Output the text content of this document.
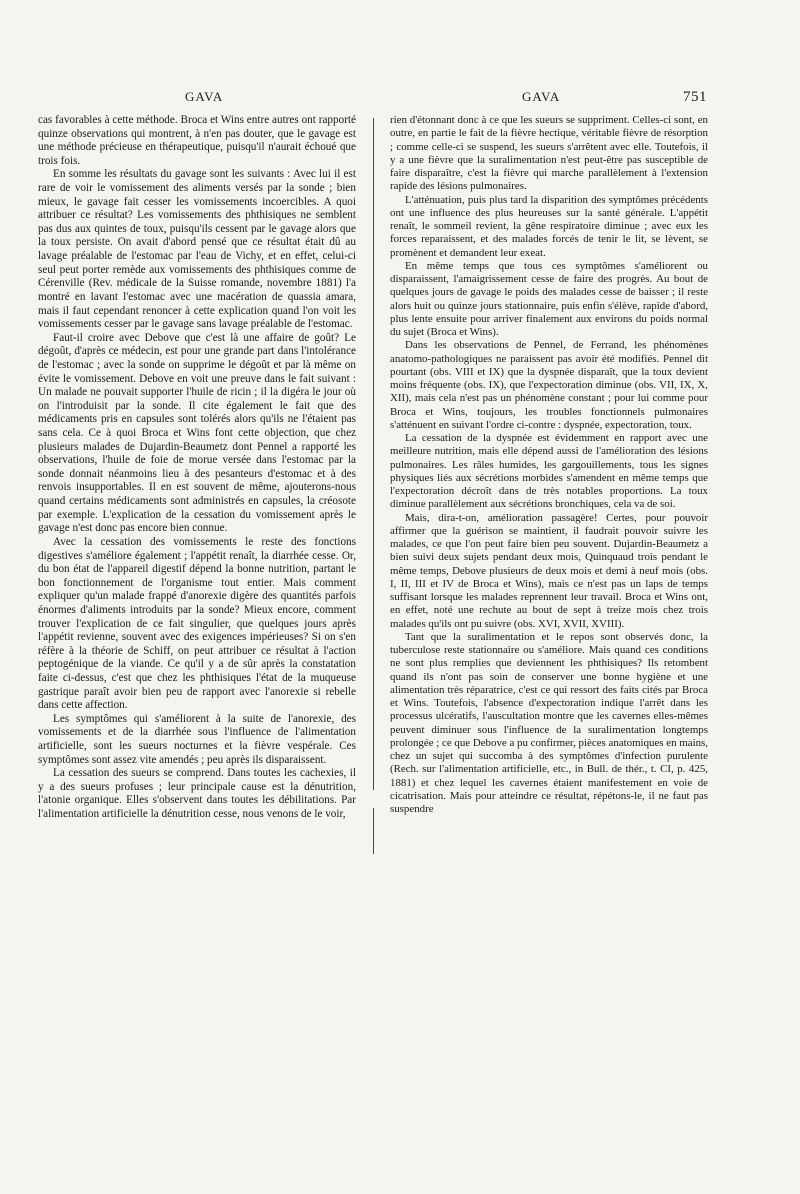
GAVA	GAVA	751

cas favorables à cette méthode. Broca et Wins entre autres ont rapporté quinze observations qui montrent, à n'en pas douter, que le gavage est une méthode précieuse en thérapeutique, puisqu'il n'aurait échoué que trois fois.

En somme les résultats du gavage sont les suivants : Avec lui il est rare de voir le vomissement des aliments versés par la sonde ; bien mieux, le gavage fait cesser les vomissements incoercibles. A quoi attribuer ce résultat? Les vomissements des phthisiques ne semblent pas dus aux quintes de toux, puisqu'ils cessent par le gavage alors que la toux persiste. On avait d'abord pensé que ce résultat était dû au lavage préalable de l'estomac par l'eau de Vichy, et en effet, celui-ci seul peut porter remède aux vomissements des phthisiques comme de Cérenville (Rev. médicale de la Suisse romande, novembre 1881) l'a montré en lavant l'estomac avec une macération de quassia amara, mais il faut cependant renoncer à cette explication quand l'on voit les vomissements cesser par le gavage sans lavage préalable de l'estomac.

Faut-il croire avec Debove que c'est là une affaire de goût? Le dégoût, d'après ce médecin, est pour une grande part dans l'intolérance de l'estomac ; avec la sonde on supprime le dégoût et par là même on évite le vomissement. Debove en voit une preuve dans le fait suivant : Un malade ne pouvait supporter l'huile de ricin ; il la digéra le jour où on l'introduisit par la sonde. Il cite également le fait que des médicaments pris en capsules sont tolérés alors qu'ils ne l'étaient pas sans cela. Ce à quoi Broca et Wins font cette objection, que chez plusieurs malades de Dujardin-Beaumetz dont Pennel a rapporté les observations, l'huile de foie de morue versée dans l'estomac par la sonde donnait néanmoins lieu à des pesanteurs d'estomac et à des renvois insupportables. Il en est souvent de même, ajouterons-nous quand certains médicaments sont administrés en capsules, la créosote par exemple. L'explication de la cessation du vomissement après le gavage n'est donc pas encore bien connue.

Avec la cessation des vomissements le reste des fonctions digestives s'améliore également ; l'appétit renaît, la diarrhée cesse. Or, du bon état de l'appareil digestif dépend la bonne nutrition, partant le bon fonctionnement de l'organisme tout entier. Mais comment expliquer qu'un malade frappé d'anorexie digère des quantités parfois énormes d'aliments introduits par la sonde? Mieux encore, comment trouver l'explication de ce fait singulier, que quelques jours après l'appétit revienne, souvent avec des exigences impérieuses? Si on s'en réfère à la théorie de Schiff, on peut attribuer ce résultat à l'action peptogénique de la viande. Ce qu'il y a de sûr après la constatation faite ci-dessus, c'est que chez les phthisiques l'état de la muqueuse gastrique paraît avoir bien peu de rapport avec l'anorexie si rebelle dans cette affection.

Les symptômes qui s'améliorent à la suite de l'anorexie, des vomissements et de la diarrhée sous l'influence de l'alimentation artificielle, sont les sueurs nocturnes et la fièvre vespérale. Ces symptômes sont assez vite amendés ; peu après ils disparaissent.

La cessation des sueurs se comprend. Dans toutes les cachexies, il y a des sueurs profuses ; leur principale cause est la dénutrition, l'atonie organique. Elles s'observent dans toutes les débilitations. Par l'alimentation artificielle la dénutrition cesse, nous venons de le voir,

rien d'étonnant donc à ce que les sueurs se suppriment. Celles-ci sont, en outre, en partie le fait de la fièvre hectique, véritable fièvre de résorption ; comme celle-ci se suspend, les sueurs s'arrêtent avec elle. Toutefois, il y a une fièvre que la suralimentation n'est peut-être pas susceptible de faire disparaître, c'est la fièvre qui marche parallèlement à l'extension rapide des lésions pulmonaires.

L'atténuation, puis plus tard la disparition des symptômes précédents ont une influence des plus heureuses sur la santé générale. L'appétit renaît, le sommeil revient, la gêne respiratoire diminue ; avec eux les forces reparaissent, et des malades forcés de tenir le lit, se lèvent, se promènent et demandent leur exeat.

En même temps que tous ces symptômes s'améliorent ou disparaissent, l'amaigrissement cesse de faire des progrès. Au bout de quelques jours de gavage le poids des malades cesse de baisser ; il reste alors huit ou quinze jours stationnaire, puis enfin s'élève, rapide d'abord, plus lente ensuite pour arriver finalement aux environs du poids normal du sujet (Broca et Wins).

Dans les observations de Pennel, de Ferrand, les phénomènes anatomo-pathologiques ne paraissent pas avoir été modifiés. Pennel dit pourtant (obs. VIII et IX) que la dyspnée disparaît, que la toux devient moins fréquente (obs. IX), que l'expectoration diminue (obs. VII, IX, X, XII), mais cela n'est pas un phénomène constant ; pour lui comme pour Broca et Wins, toujours, les troubles fonctionnels pulmonaires s'atténuent en suivant l'ordre ci-contre : dyspnée, expectoration, toux.

La cessation de la dyspnée est évidemment en rapport avec une meilleure nutrition, mais elle dépend aussi de l'amélioration des lésions pulmonaires. Les râles humides, les gargouillements, tous les signes physiques liés aux sécrétions morbides s'amendent en même temps que l'expectoration décroît dans de très notables proportions. La toux diminue parallèlement aux sécrétions bronchiques, cela va de soi.

Mais, dira-t-on, amélioration passagère! Certes, pour pouvoir affirmer que la guérison se maintient, il faudrait pouvoir suivre les malades, ce que l'on peut faire bien peu souvent. Dujardin-Beaumetz a bien suivi deux sujets pendant deux mois, Quinquaud trois pendant le même temps, Debove plusieurs de deux mois et demi à neuf mois (obs. I, II, III et IV de Broca et Wins), mais ce n'est pas un laps de temps suffisant lorsque les malades reprennent leur travail. Broca et Wins ont, en effet, noté une rechute au bout de sept à treize mois chez trois malades qu'ils ont pu suivre (obs. XVI, XVII, XVIII).

Tant que la suralimentation et le repos sont observés donc, la tuberculose reste stationnaire ou s'améliore. Mais quand ces conditions ne sont plus remplies que deviennent les phthisiques? Ils retombent quand ils n'ont pas soin de conserver une bonne hygiène et une alimentation très réparatrice, c'est ce qui ressort des faits cités par Broca et Wins. Toutefois, l'absence d'expectoration indique l'arrêt dans les processus ulcératifs, l'auscultation montre que les cavernes elles-mêmes peuvent diminuer sous l'influence de la suralimentation longtemps prolongée ; ce que Debove a pu confirmer, pièces anatomiques en mains, chez un sujet qui succomba à des symptômes d'infection purulente (Rech. sur l'alimentation artificielle, etc., in Bull. de thér., t. CI, p. 425, 1881) et chez lequel les cavernes étaient manifestement en voie de cicatrisation. Mais pour atteindre ce résultat, répétons-le, il ne faut pas suspendre
